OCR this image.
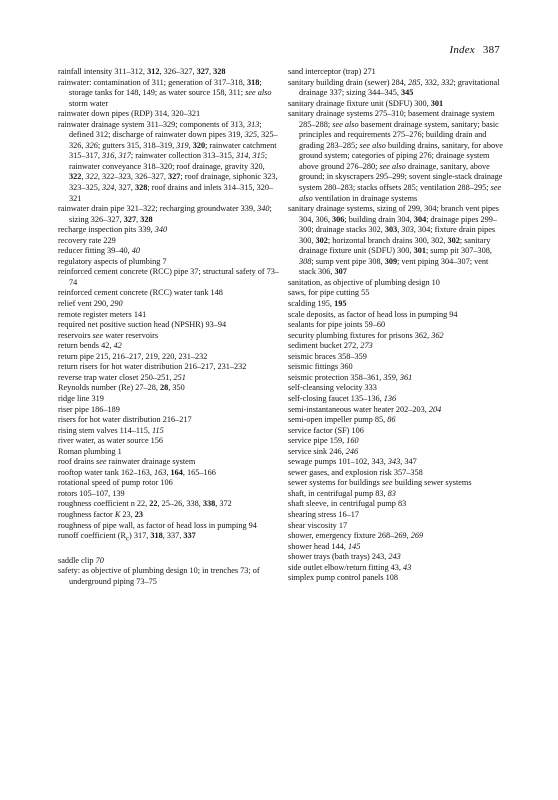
Index 387

rainfall intensity 311–312, 312, 326–327, 327, 328

rainwater: contamination of 311; generation of 317–318, 318; storage tanks for 148, 149; as water source 158, 311; see also storm water

rainwater down pipes (RDP) 314, 320–321

rainwater drainage system 311–329; components of 313, 313; defined 312; discharge of rainwater down pipes 319, 325, 325–326, 326; gutters 315, 318–319, 319, 320; rainwater catchment 315–317, 316, 317; rainwater collection 313–315, 314, 315; rainwater conveyance 318–320; roof drainage, gravity 320, 322, 322, 322–323, 326–327, 327; roof drainage, siphonic 323, 323–325, 324, 327, 328; roof drains and inlets 314–315, 320–321

rainwater drain pipe 321–322; recharging groundwater 339, 340; sizing 326–327, 327, 328

recharge inspection pits 339, 340

recovery rate 229

reducer fitting 39–40, 40

regulatory aspects of plumbing 7

reinforced cement concrete (RCC) pipe 37; structural safety of 73–74

reinforced cement concrete (RCC) water tank 148

relief vent 290, 290

remote register meters 141

required net positive suction head (NPSHR) 93–94

reservoirs see water reservoirs

return bends 42, 42

return pipe 215, 216–217, 219, 220, 231–232

return risers for hot water distribution 216–217, 231–232

reverse trap water closet 250–251, 251

Reynolds number (Re) 27–28, 28, 350

ridge line 319

riser pipe 186–189

risers for hot water distribution 216–217

rising stem valves 114–115, 115

river water, as water source 156

Roman plumbing 1

roof drains see rainwater drainage system

rooftop water tank 162–163, 163, 164, 165–166

rotational speed of pump rotor 106

rotors 105–107, 139

roughness coefficient n 22, 22, 25–26, 338, 338, 372

roughness factor K 23, 23

roughness of pipe wall, as factor of head loss in pumping 94

runoff coefficient $(R_c)$ 317, 318, 337, 337

saddle clip 70

safety: as objective of plumbing design 10; in trenches 73; of underground piping 73–75

sand interceptor (trap) 271

sanitary building drain (sewer) 284, 285, 332, 332; gravitational drainage 337; sizing 344–345, 345

sanitary drainage fixture unit (SDFU) 300, 301

sanitary drainage systems 275–310; basement drainage system 285–288; see also basement drainage system, sanitary; basic principles and requirements 275–276; building drain and grading 283–285; see also building drains, sanitary, for above ground system; categories of piping 276; drainage system above ground 276–280; see also drainage, sanitary, above ground; in skyscrapers 295–299; sovent single-stack drainage system 280–283; stacks offsets 285; ventilation 288–295; see also ventilation in drainage systems

sanitary drainage systems, sizing of 299, 304; branch vent pipes 304, 306, 306; building drain 304, 304; drainage pipes 299–300; drainage stacks 302, 303, 303, 304; fixture drain pipes 300, 302; horizontal branch drains 300, 302, 302; sanitary drainage fixture unit (SDFU) 300, 301; sump pit 307–308, 308; sump vent pipe 308, 309; vent piping 304–307; vent stack 306, 307

sanitation, as objective of plumbing design 10

saws, for pipe cutting 55

scalding 195, 195

scale deposits, as factor of head loss in pumping 94

sealants for pipe joints 59–60

security plumbing fixtures for prisons 362, 362

sediment bucket 272, 273

seismic braces 358–359

seismic fittings 360

seismic protection 358–361, 359, 361

self-cleansing velocity 333

self-closing faucet 135–136, 136

semi-instantaneous water heater 202–203, 204

semi-open impeller pump 85, 86

service factor (SF) 106

service pipe 159, 160

service sink 246, 246

sewage pumps 101–102, 343, 343, 347

sewer gases, and explosion risk 357–358

sewer systems for buildings see building sewer systems

shaft, in centrifugal pump 83, 83

shaft sleeve, in centrifugal pump 83

shearing stress 16–17

shear viscosity 17

shower, emergency fixture 268–269, 269

shower head 144, 145

shower trays (bath trays) 243, 243

side outlet elbow/return fitting 43, 43

simplex pump control panels 108
